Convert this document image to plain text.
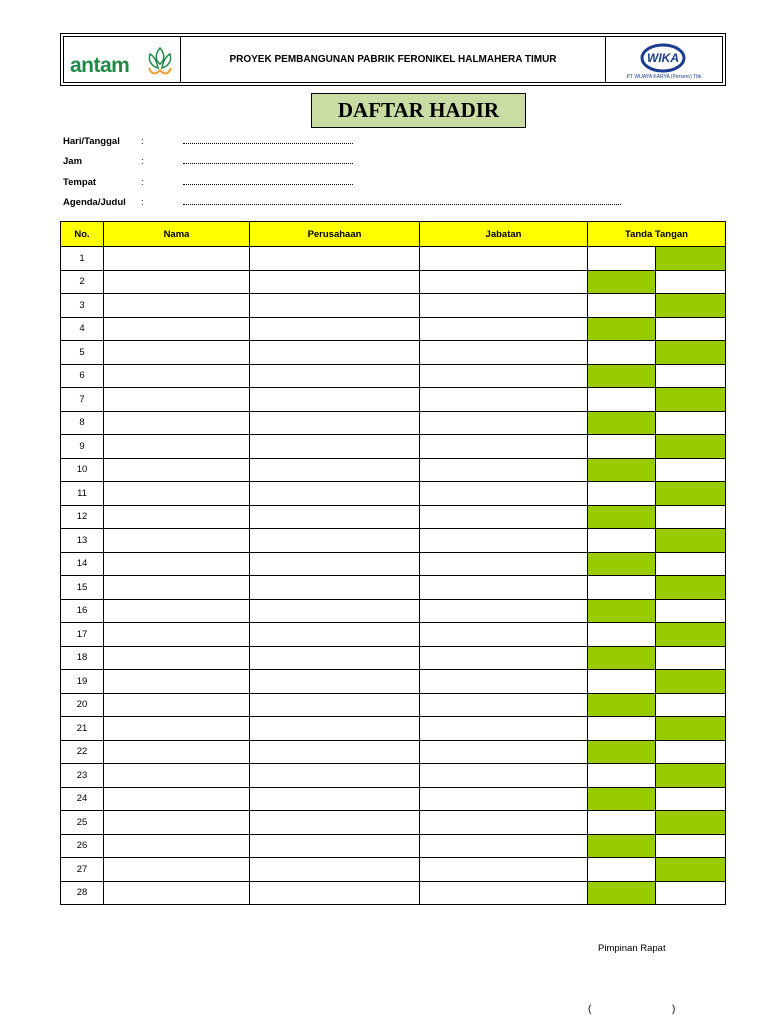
antam	PROYEK PEMBANGUNAN PABRIK FERONIKEL HALMAHERA TIMUR	WIKA
PT WIJAYA KARYA (Persero) Tbk
DAFTAR HADIR
Hari/Tanggal :
Jam	:
Tempat	:
Agenda/Judul :
No.	Nama	Perusahaan	Jabatan	Tanda Tangan	
1					
2					
3					
4					
5					
6					
7					
8					
9					
10					
11					
12					
13					
14					
15					
16					
17					
18					
19					
20					
21					
22					
23					
24					
25					
26					
27					
28					
Pimpinan Rapat
(	)
